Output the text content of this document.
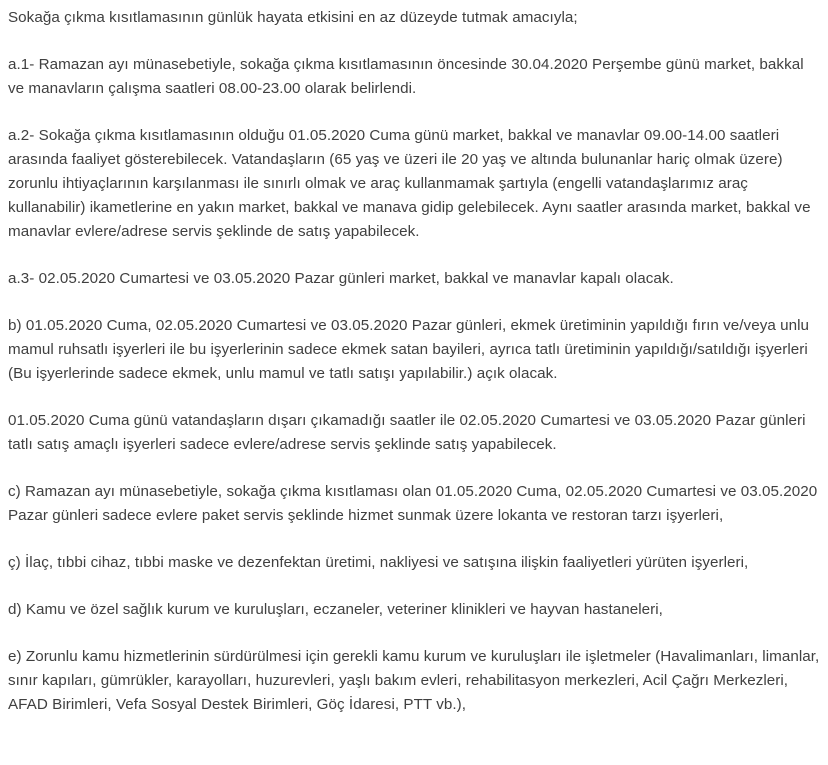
Sokağa çıkma kısıtlamasının günlük hayata etkisini en az düzeyde tutmak amacıyla;

a.1- Ramazan ayı münasebetiyle, sokağa çıkma kısıtlamasının öncesinde 30.04.2020 Perşembe günü market, bakkal ve manavların çalışma saatleri 08.00-23.00 olarak belirlendi.

a.2- Sokağa çıkma kısıtlamasının olduğu 01.05.2020 Cuma günü market, bakkal ve manavlar 09.00-14.00 saatleri arasında faaliyet gösterebilecek. Vatandaşların (65 yaş ve üzeri ile 20 yaş ve altında bulunanlar hariç olmak üzere) zorunlu ihtiyaçlarının karşılanması ile sınırlı olmak ve araç kullanmamak şartıyla (engelli vatandaşlarımız araç kullanabilir) ikametlerine en yakın market, bakkal ve manava gidip gelebilecek. Aynı saatler arasında market, bakkal ve manavlar evlere/adrese servis şeklinde de satış yapabilecek.

a.3- 02.05.2020 Cumartesi ve 03.05.2020 Pazar günleri market, bakkal ve manavlar kapalı olacak.

b) 01.05.2020 Cuma, 02.05.2020 Cumartesi ve 03.05.2020 Pazar günleri, ekmek üretiminin yapıldığı fırın ve/veya unlu mamul ruhsatlı işyerleri ile bu işyerlerinin sadece ekmek satan bayileri, ayrıca tatlı üretiminin yapıldığı/satıldığı işyerleri (Bu işyerlerinde sadece ekmek, unlu mamul ve tatlı satışı yapılabilir.) açık olacak.

01.05.2020 Cuma günü vatandaşların dışarı çıkamadığı saatler ile 02.05.2020 Cumartesi ve 03.05.2020 Pazar günleri tatlı satış amaçlı işyerleri sadece evlere/adrese servis şeklinde satış yapabilecek.

c) Ramazan ayı münasebetiyle, sokağa çıkma kısıtlaması olan 01.05.2020 Cuma, 02.05.2020 Cumartesi ve 03.05.2020 Pazar günleri sadece evlere paket servis şeklinde hizmet sunmak üzere lokanta ve restoran tarzı işyerleri,

ç) İlaç, tıbbi cihaz, tıbbi maske ve dezenfektan üretimi, nakliyesi ve satışına ilişkin faaliyetleri yürüten işyerleri,

d) Kamu ve özel sağlık kurum ve kuruluşları, eczaneler, veteriner klinikleri ve hayvan hastaneleri,

e) Zorunlu kamu hizmetlerinin sürdürülmesi için gerekli kamu kurum ve kuruluşları ile işletmeler (Havalimanları, limanlar, sınır kapıları, gümrükler, karayolları, huzurevleri, yaşlı bakım evleri, rehabilitasyon merkezleri, Acil Çağrı Merkezleri, AFAD Birimleri, Vefa Sosyal Destek Birimleri, Göç İdaresi, PTT vb.),
